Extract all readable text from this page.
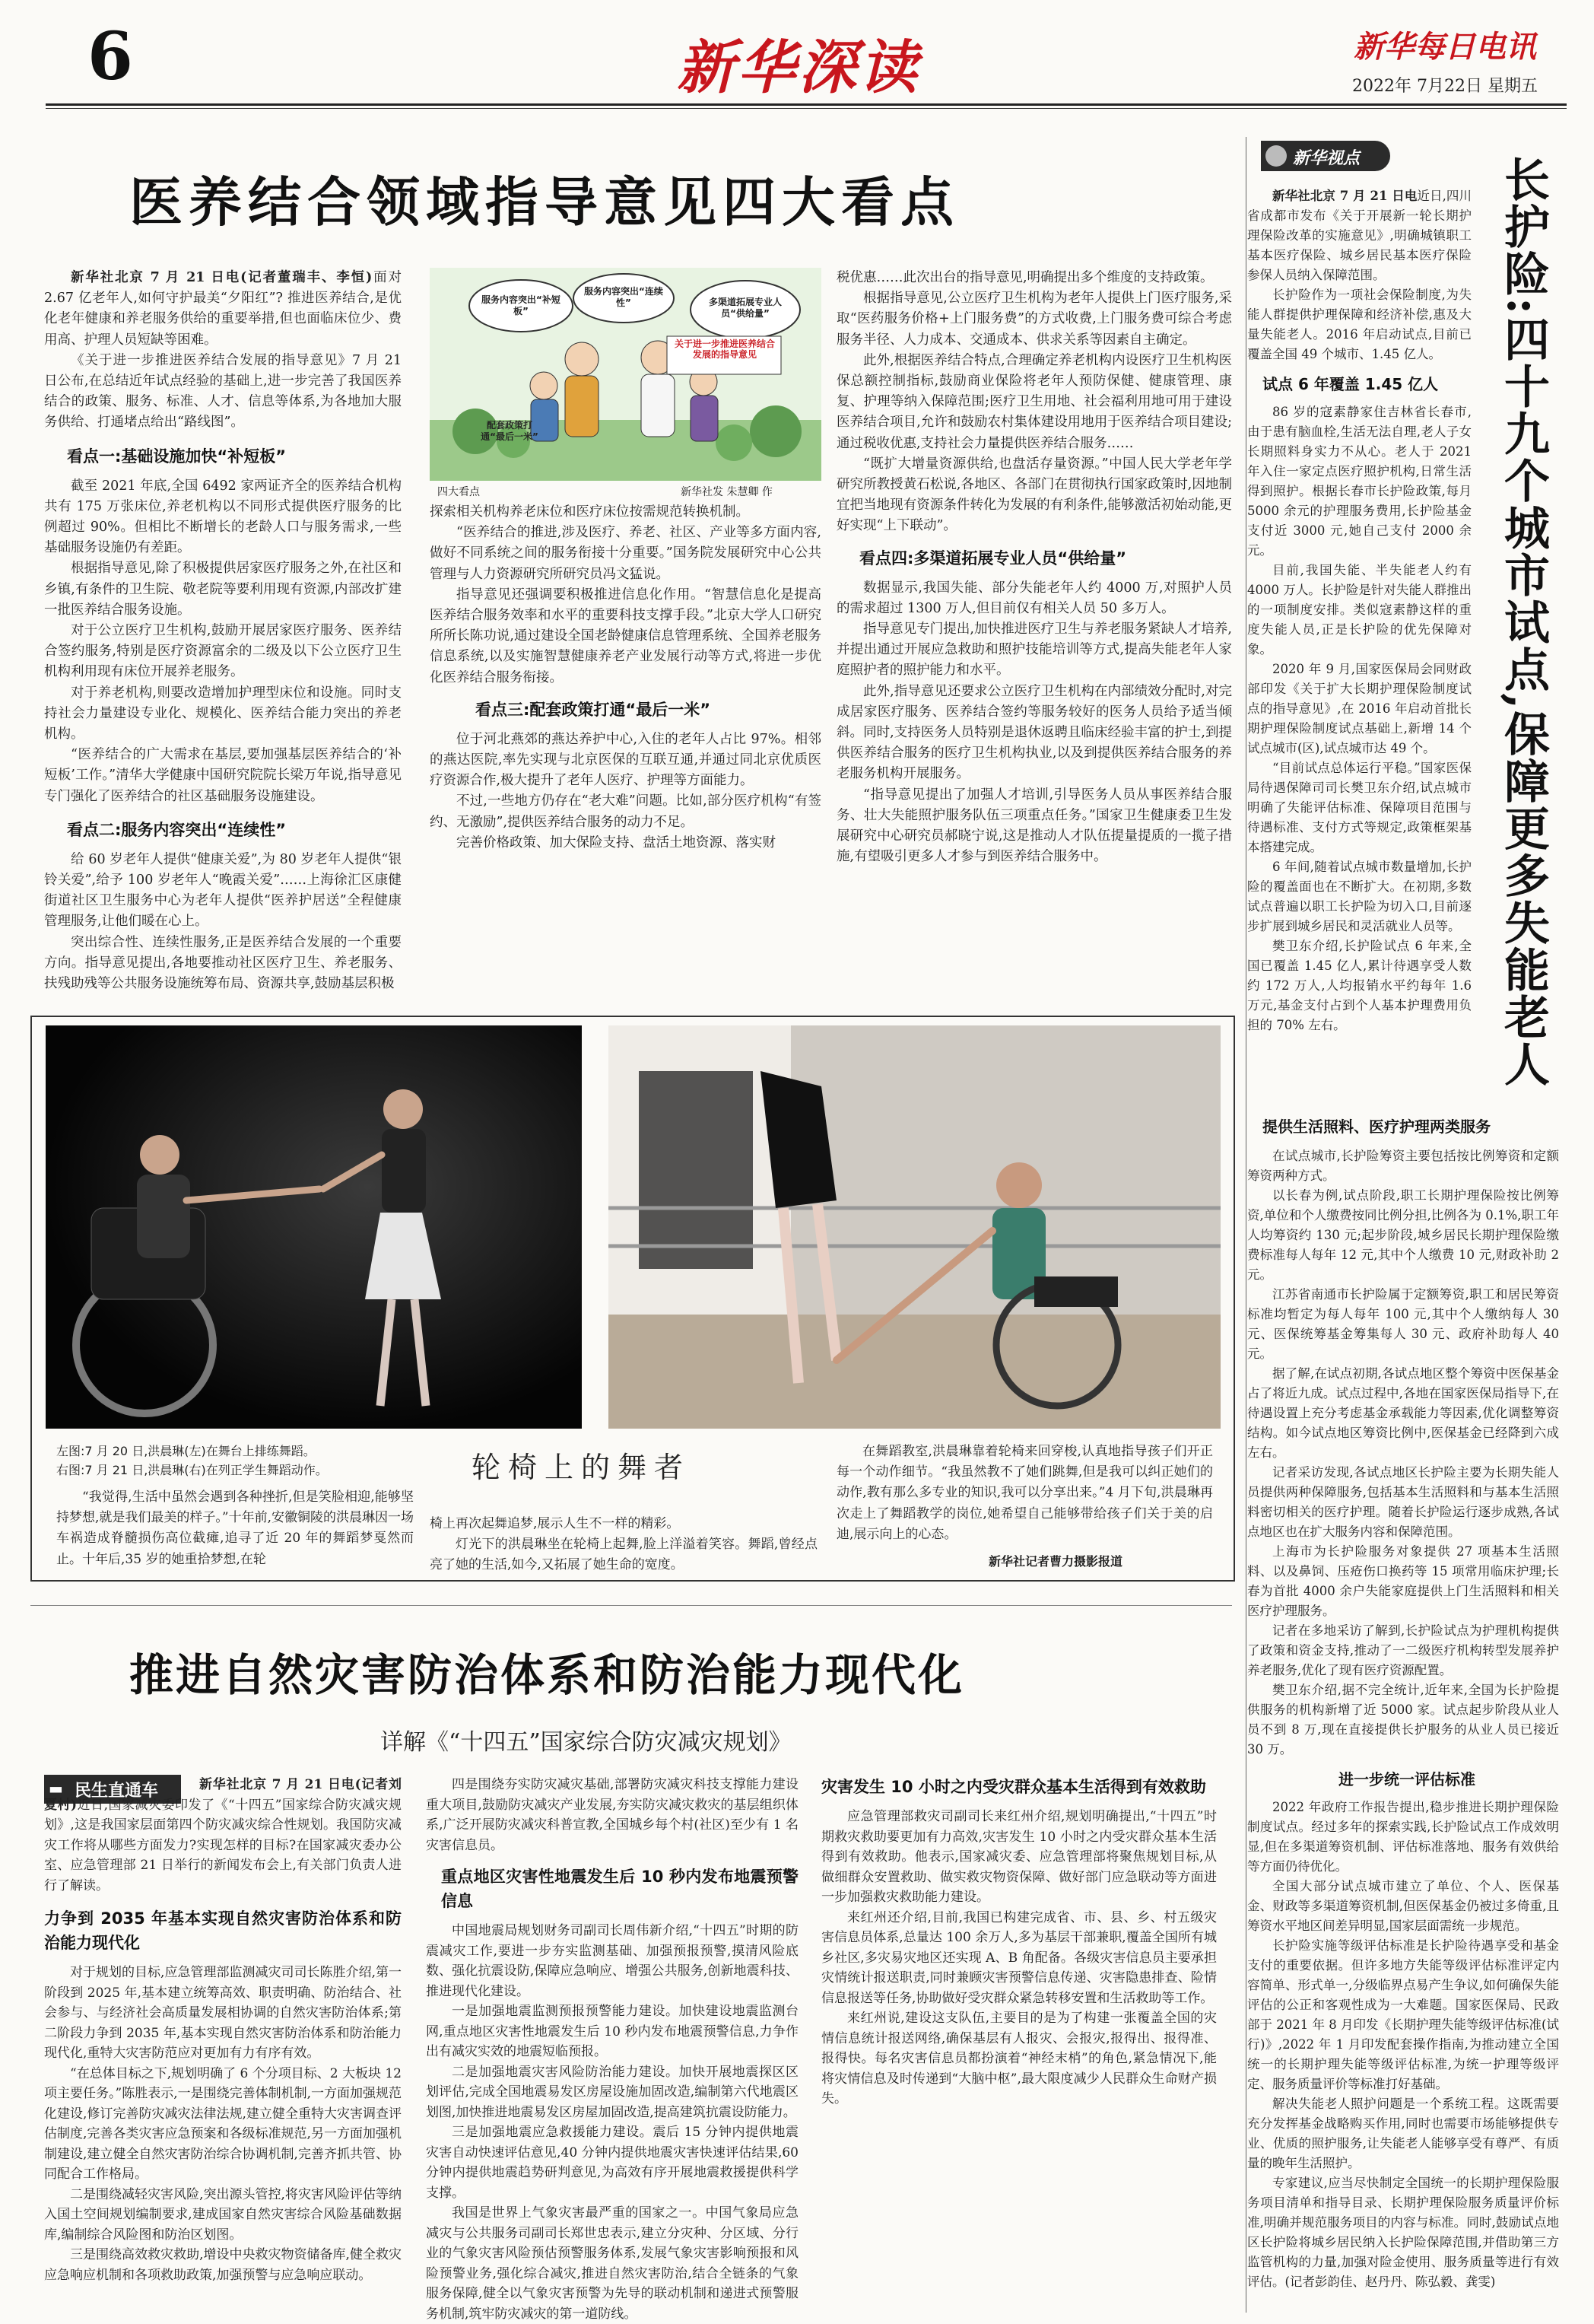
6	新华深读	新华每日电讯
2022年 7月22日 星期五
医养结合领域指导意见四大看点

新华社北京 7 月 21 日电(记者董瑞丰、李恒)面对 2.67 亿老年人,如何守护最美“夕阳红”? 推进医养结合,是优化老年健康和养老服务供给的重要举措,但也面临床位少、费用高、护理人员短缺等困难。

《关于进一步推进医养结合发展的指导意见》7 月 21 日公布,在总结近年试点经验的基础上,进一步完善了我国医养结合的政策、服务、标准、人才、信息等体系,为各地加大服务供给、打通堵点给出“路线图”。

看点一:基础设施加快“补短板”

截至 2021 年底,全国 6492 家两证齐全的医养结合机构共有 175 万张床位,养老机构以不同形式提供医疗服务的比例超过 90%。但相比不断增长的老龄人口与服务需求,一些基础服务设施仍有差距。

根据指导意见,除了积极提供居家医疗服务之外,在社区和乡镇,有条件的卫生院、敬老院等要利用现有资源,内部改扩建一批医养结合服务设施。

对于公立医疗卫生机构,鼓励开展居家医疗服务、医养结合签约服务,特别是医疗资源富余的二级及以下公立医疗卫生机构利用现有床位开展养老服务。

对于养老机构,则要改造增加护理型床位和设施。同时支持社会力量建设专业化、规模化、医养结合能力突出的养老机构。

“医养结合的广大需求在基层,要加强基层医养结合的‘补短板’工作。”清华大学健康中国研究院院长梁万年说,指导意见专门强化了医养结合的社区基础服务设施建设。

看点二:服务内容突出“连续性”

给 60 岁老年人提供“健康关爱”,为 80 岁老年人提供“银铃关爱”,给予 100 岁老年人“晚霞关爱”……上海徐汇区康健街道社区卫生服务中心为老年人提供“医养护居送”全程健康管理服务,让他们暖在心上。

突出综合性、连续性服务,正是医养结合发展的一个重要方向。指导意见提出,各地要推动社区医疗卫生、养老服务、扶残助残等公共服务设施统筹布局、资源共享,鼓励基层积极

服务内容突出“补短板”
服务内容突出“连续性”	多渠道拓展专业人员“供给量”
配套政策打通“最后一米”
关于进一步推进医养结合发展的指导意见
四大看点	新华社发 朱慧卿 作

探索相关机构养老床位和医疗床位按需规范转换机制。

“医养结合的推进,涉及医疗、养老、社区、产业等多方面内容,做好不同系统之间的服务衔接十分重要。”国务院发展研究中心公共管理与人力资源研究所研究员冯文猛说。

指导意见还强调要积极推进信息化作用。“智慧信息化是提高医养结合服务效率和水平的重要科技支撑手段。”北京大学人口研究所所长陈功说,通过建设全国老龄健康信息管理系统、全国养老服务信息系统,以及实施智慧健康养老产业发展行动等方式,将进一步优化医养结合服务衔接。

看点三:配套政策打通“最后一米”

位于河北燕郊的燕达养护中心,入住的老年人占比 97%。相邻的燕达医院,率先实现与北京医保的互联互通,并通过同北京优质医疗资源合作,极大提升了老年人医疗、护理等方面能力。

不过,一些地方仍存在“老大难”问题。比如,部分医疗机构“有签约、无激励”,提供医养结合服务的动力不足。

完善价格政策、加大保险支持、盘活土地资源、落实财

税优惠……此次出台的指导意见,明确提出多个维度的支持政策。

根据指导意见,公立医疗卫生机构为老年人提供上门医疗服务,采取“医药服务价格+上门服务费”的方式收费,上门服务费可综合考虑服务半径、人力成本、交通成本、供求关系等因素自主确定。

此外,根据医养结合特点,合理确定养老机构内设医疗卫生机构医保总额控制指标,鼓励商业保险将老年人预防保健、健康管理、康复、护理等纳入保障范围;医疗卫生用地、社会福利用地可用于建设医养结合项目,允许和鼓励农村集体建设用地用于医养结合项目建设;通过税收优惠,支持社会力量提供医养结合服务……

“既扩大增量资源供给,也盘活存量资源。”中国人民大学老年学研究所教授黄石松说,各地区、各部门在贯彻执行国家政策时,因地制宜把当地现有资源条件转化为发展的有利条件,能够激活初始动能,更好实现“上下联动”。

看点四:多渠道拓展专业人员“供给量”

数据显示,我国失能、部分失能老年人约 4000 万,对照护人员的需求超过 1300 万人,但目前仅有相关人员 50 多万人。

指导意见专门提出,加快推进医疗卫生与养老服务紧缺人才培养,并提出通过开展应急救助和照护技能培训等方式,提高失能老年人家庭照护者的照护能力和水平。

此外,指导意见还要求公立医疗卫生机构在内部绩效分配时,对完成居家医疗服务、医养结合签约等服务较好的医务人员给予适当倾斜。同时,支持医务人员特别是退休返聘且临床经验丰富的护士,到提供医养结合服务的医疗卫生机构执业,以及到提供医养结合服务的养老服务机构开展服务。

“指导意见提出了加强人才培训,引导医务人员从事医养结合服务、壮大失能照护服务队伍三项重点任务。”国家卫生健康委卫生发展研究中心研究员郝晓宁说,这是推动人才队伍提量提质的一揽子措施,有望吸引更多人才参与到医养结合服务中。

左图:7 月 20 日,洪晨琳(左)在舞台上排练舞蹈。
右图:7 月 21 日,洪晨琳(右)在列正学生舞蹈动作。	轮椅上的舞者

“我觉得,生活中虽然会遇到各种挫折,但是笑脸相迎,能够坚持梦想,就是我们最美的样子。”十年前,安徽铜陵的洪晨琳因一场车祸造成脊髓损伤高位截瘫,追寻了近 20 年的舞蹈梦戛然而止。十年后,35 岁的她重拾梦想,在轮

椅上再次起舞追梦,展示人生不一样的精彩。

灯光下的洪晨琳坐在轮椅上起舞,脸上洋溢着笑容。舞蹈,曾经点亮了她的生活,如今,又拓展了她生命的宽度。

在舞蹈教室,洪晨琳靠着轮椅来回穿梭,认真地指导孩子们开正每一个动作细节。“我虽然教不了她们跳舞,但是我可以纠正她们的动作,教有那么多专业的知识,我可以分享出来。”4 月下旬,洪晨琳再次走上了舞蹈教学的岗位,她希望自己能够带给孩子们关于美的启迪,展示向上的心态。

新华社记者曹力摄影报道
推进自然灾害防治体系和防治能力现代化
详解《“十四五”国家综合防灾减灾规划》
▬ 民生直通车	新华社北京 7 月 21 日电(记者刘夏村)近日,国家减灾委印发了《“十四五”国家综合防灾减灾规划》,这是我国家层面第四个防灾减灾综合性规划。我国防灾减灾工作将从哪些方面发力?实现怎样的目标?在国家减灾委办公室、应急管理部 21 日举行的新闻发布会上,有关部门负责人进行了解读。

力争到 2035 年基本实现自然灾害防治体系和防治能力现代化

对于规划的目标,应急管理部监测减灾司司长陈胜介绍,第一阶段到 2025 年,基本建立统筹高效、职责明确、防治结合、社会参与、与经济社会高质量发展相协调的自然灾害防治体系;第二阶段力争到 2035 年,基本实现自然灾害防治体系和防治能力现代化,重特大灾害防范应对更加有力有序有效。

“在总体目标之下,规划明确了 6 个分项目标、2 大板块 12 项主要任务。”陈胜表示,一是围绕完善体制机制,一方面加强规范化建设,修订完善防灾减灾法律法规,建立健全重特大灾害调查评估制度,完善各类灾害应急预案和各级标准规范,另一方面加强机制建设,建立健全自然灾害防治综合协调机制,完善齐抓共管、协同配合工作格局。

二是围绕减轻灾害风险,突出源头管控,将灾害风险评估等纳入国土空间规划编制要求,建成国家自然灾害综合风险基础数据库,编制综合风险图和防治区划图。

三是围绕高效救灾救助,增设中央救灾物资储备库,健全救灾应急响应机制和各项救助政策,加强预警与应急响应联动。

四是围绕夯实防灾减灾基础,部署防灾减灾科技支撑能力建设重大项目,鼓励防灾减灾产业发展,夯实防灾减灾救灾的基层组织体系,广泛开展防灾减灾科普宣教,全国城乡每个村(社区)至少有 1 名灾害信息员。

重点地区灾害性地震发生后 10 秒内发布地震预警信息

中国地震局规划财务司副司长周伟新介绍,“十四五”时期的防震减灾工作,要进一步夯实监测基础、加强预报预警,摸清风险底数、强化抗震设防,保障应急响应、增强公共服务,创新地震科技、推进现代化建设。

一是加强地震监测预报预警能力建设。加快建设地震监测台网,重点地区灾害性地震发生后 10 秒内发布地震预警信息,力争作出有减灾实效的地震短临预报。

二是加强地震灾害风险防治能力建设。加快开展地震探区区划评估,完成全国地震易发区房屋设施加固改造,编制第六代地震区划图,加快推进地震易发区房屋加固改造,提高建筑抗震设防能力。

三是加强地震应急救援能力建设。震后 15 分钟内提供地震灾害自动快速评估意见,40 分钟内提供地震灾害快速评估结果,60 分钟内提供地震趋势研判意见,为高效有序开展地震救援提供科学支撑。

我国是世界上气象灾害最严重的国家之一。中国气象局应急减灾与公共服务司副司长郑世忠表示,建立分灾种、分区域、分行业的气象灾害风险预估预警服务体系,发展气象灾害影响预报和风险预警业务,强化综合减灾,推进自然灾害防治,结合全链条的气象服务保障,健全以气象灾害预警为先导的联动机制和递进式预警服务机制,筑牢防灾减灾的第一道防线。

灾害发生 10 小时之内受灾群众基本生活得到有效救助

应急管理部救灾司副司长来红州介绍,规划明确提出,“十四五”时期救灾救助要更加有力高效,灾害发生 10 小时之内受灾群众基本生活得到有效救助。他表示,国家减灾委、应急管理部将聚焦规划目标,从做细群众安置救助、做实救灾物资保障、做好部门应急联动等方面进一步加强救灾救助能力建设。

来红州还介绍,目前,我国已构建完成省、市、县、乡、村五级灾害信息员体系,总量达 100 余万人,多为基层干部兼职,覆盖全国所有城乡社区,多灾易灾地区还实现 A、B 角配备。各级灾害信息员主要承担灾情统计报送职责,同时兼顾灾害预警信息传递、灾害隐患排查、险情信息报送等任务,协助做好受灾群众紧急转移安置和生活救助等工作。

来红州说,建设这支队伍,主要目的是为了构建一张覆盖全国的灾情信息统计报送网络,确保基层有人报灾、会报灾,报得出、报得准、报得快。每名灾害信息员都扮演着“神经末梢”的角色,紧急情况下,能将灾情信息及时传递到“大脑中枢”,最大限度减少人民群众生命财产损失。

新华视点	长护险:四十九个城市试点,保障更多失能老人

新华社北京 7 月 21 日电近日,四川省成都市发布《关于开展新一轮长期护理保险改革的实施意见》,明确城镇职工基本医疗保险、城乡居民基本医疗保险参保人员纳入保障范围。

长护险作为一项社会保险制度,为失能人群提供护理保障和经济补偿,惠及大量失能老人。2016 年启动试点,目前已覆盖全国 49 个城市、1.45 亿人。

试点 6 年覆盖 1.45 亿人

86 岁的寇素静家住吉林省长春市,由于患有脑血栓,生活无法自理,老人子女长期照料身实力不从心。老人于 2021 年入住一家定点医疗照护机构,日常生活得到照护。根据长春市长护险政策,每月 5000 余元的护理服务费用,长护险基金支付近 3000 元,她自己支付 2000 余元。

目前,我国失能、半失能老人约有 4000 万人。长护险是针对失能人群推出的一项制度安排。类似寇素静这样的重度失能人员,正是长护险的优先保障对象。

2020 年 9 月,国家医保局会同财政部印发《关于扩大长期护理保险制度试点的指导意见》,在 2016 年启动首批长期护理保险制度试点基础上,新增 14 个试点城市(区),试点城市达 49 个。

“目前试点总体运行平稳。”国家医保局待遇保障司司长樊卫东介绍,试点城市明确了失能评估标准、保障项目范围与待遇标准、支付方式等规定,政策框架基本搭建完成。

6 年间,随着试点城市数量增加,长护险的覆盖面也在不断扩大。在初期,多数试点普遍以职工长护险为切入口,目前逐步扩展到城乡居民和灵活就业人员等。

樊卫东介绍,长护险试点 6 年来,全国已覆盖 1.45 亿人,累计待遇享受人数约 172 万人,人均报销水平约每年 1.6 万元,基金支付占到个人基本护理费用负担的 70% 左右。

提供生活照料、医疗护理两类服务

在试点城市,长护险筹资主要包括按比例筹资和定额筹资两种方式。

以长春为例,试点阶段,职工长期护理保险按比例筹资,单位和个人缴费按同比例分担,比例各为 0.1%,职工年人均筹资约 130 元;起步阶段,城乡居民长期护理保险缴费标准每人每年 12 元,其中个人缴费 10 元,财政补助 2 元。

江苏省南通市长护险属于定额筹资,职工和居民筹资标准均暂定为每人每年 100 元,其中个人缴纳每人 30 元、医保统筹基金筹集每人 30 元、政府补助每人 40 元。

据了解,在试点初期,各试点地区整个筹资中医保基金占了将近九成。试点过程中,各地在国家医保局指导下,在待遇设置上充分考虑基金承载能力等因素,优化调整筹资结构。如今试点地区筹资比例中,医保基金已经降到六成左右。

记者采访发现,各试点地区长护险主要为长期失能人员提供两种保障服务,包括基本生活照料和与基本生活照料密切相关的医疗护理。随着长护险运行逐步成熟,各试点地区也在扩大服务内容和保障范围。

上海市为长护险服务对象提供 27 项基本生活照料、以及鼻饲、压疮伤口换药等 15 项常用临床护理;长春为首批 4000 余户失能家庭提供上门生活照料和相关医疗护理服务。

记者在多地采访了解到,长护险试点为护理机构提供了政策和资金支持,推动了一二级医疗机构转型发展养护养老服务,优化了现有医疗资源配置。

樊卫东介绍,据不完全统计,近年来,全国为长护险提供服务的机构新增了近 5000 家。试点起步阶段从业人员不到 8 万,现在直接提供长护服务的从业人员已接近 30 万。

进一步统一评估标准

2022 年政府工作报告提出,稳步推进长期护理保险制度试点。经过多年的探索实践,长护险试点工作成效明显,但在多渠道筹资机制、评估标准落地、服务有效供给等方面仍待优化。

全国大部分试点城市建立了单位、个人、医保基金、财政等多渠道筹资机制,但医保基金仍被过多倚重,且筹资水平地区间差异明显,国家层面需统一步规范。

长护险实施等级评估标准是长护险待遇享受和基金支付的重要依据。但许多地方失能等级评估标准评定内容简单、形式单一,分级临界点易产生争议,如何确保失能评估的公正和客观性成为一大难题。国家医保局、民政部于 2021 年 8 月印发《长期护理失能等级评估标准(试行)》,2022 年 1 月印发配套操作指南,为推动建立全国统一的长期护理失能等级评估标准,为统一护理等级评定、服务质量评价等标准打好基础。

解决失能老人照护问题是一个系统工程。这既需要充分发挥基金战略购买作用,同时也需要市场能够提供专业、优质的照护服务,让失能老人能够享受有尊严、有质量的晚年生活照护。

专家建议,应当尽快制定全国统一的长期护理保险服务项目清单和指导目录、长期护理保险服务质量评价标准,明确并规范服务项目的内容与标准。同时,鼓励试点地区长护险将城乡居民纳入长护险保障范围,并借助第三方监管机构的力量,加强对险金使用、服务质量等进行有效评估。(记者彭韵佳、赵丹丹、陈弘毅、龚雯)
